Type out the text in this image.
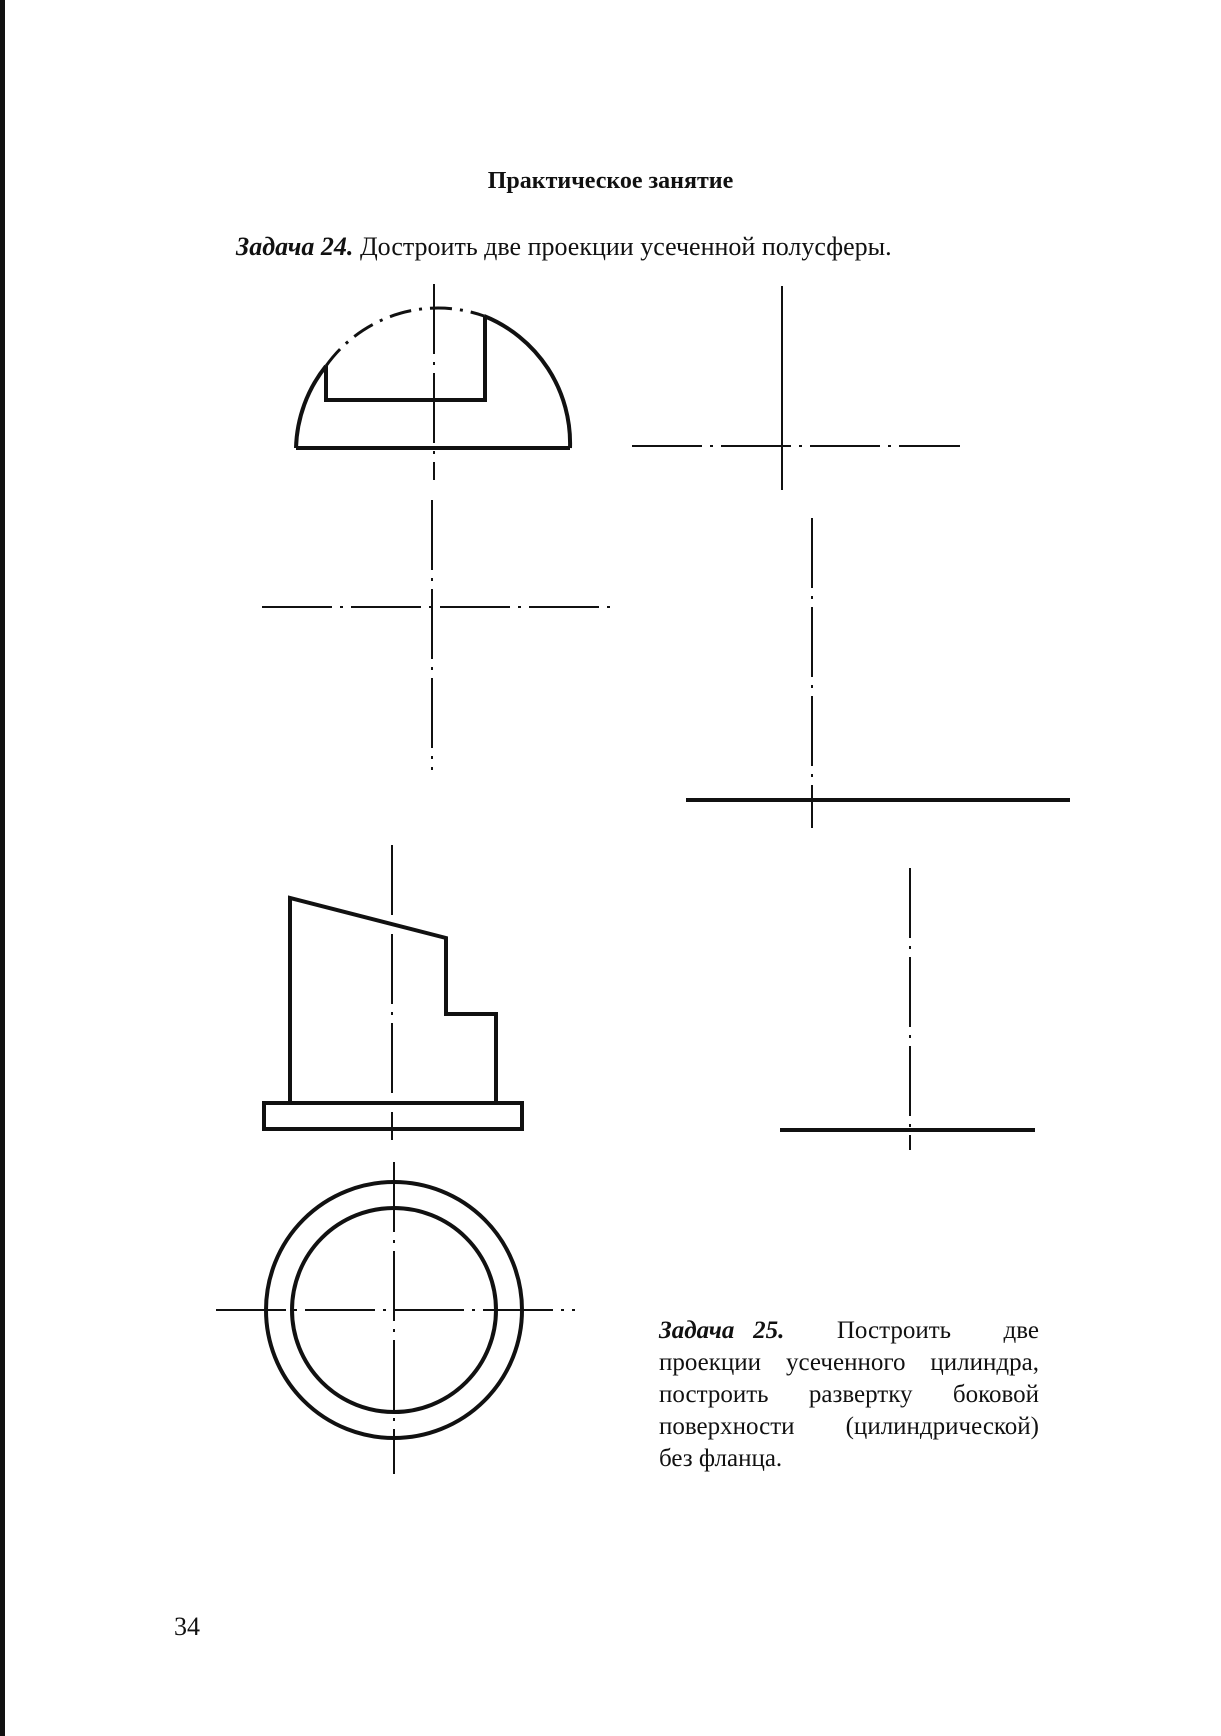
Практическое занятие
Задача 24. Достроить две проекции усеченной полусферы.
Задача 25. Построить две
проекции усеченного цилиндра,
построить развертку боковой
поверхности (цилиндрической)
без фланца.
34
